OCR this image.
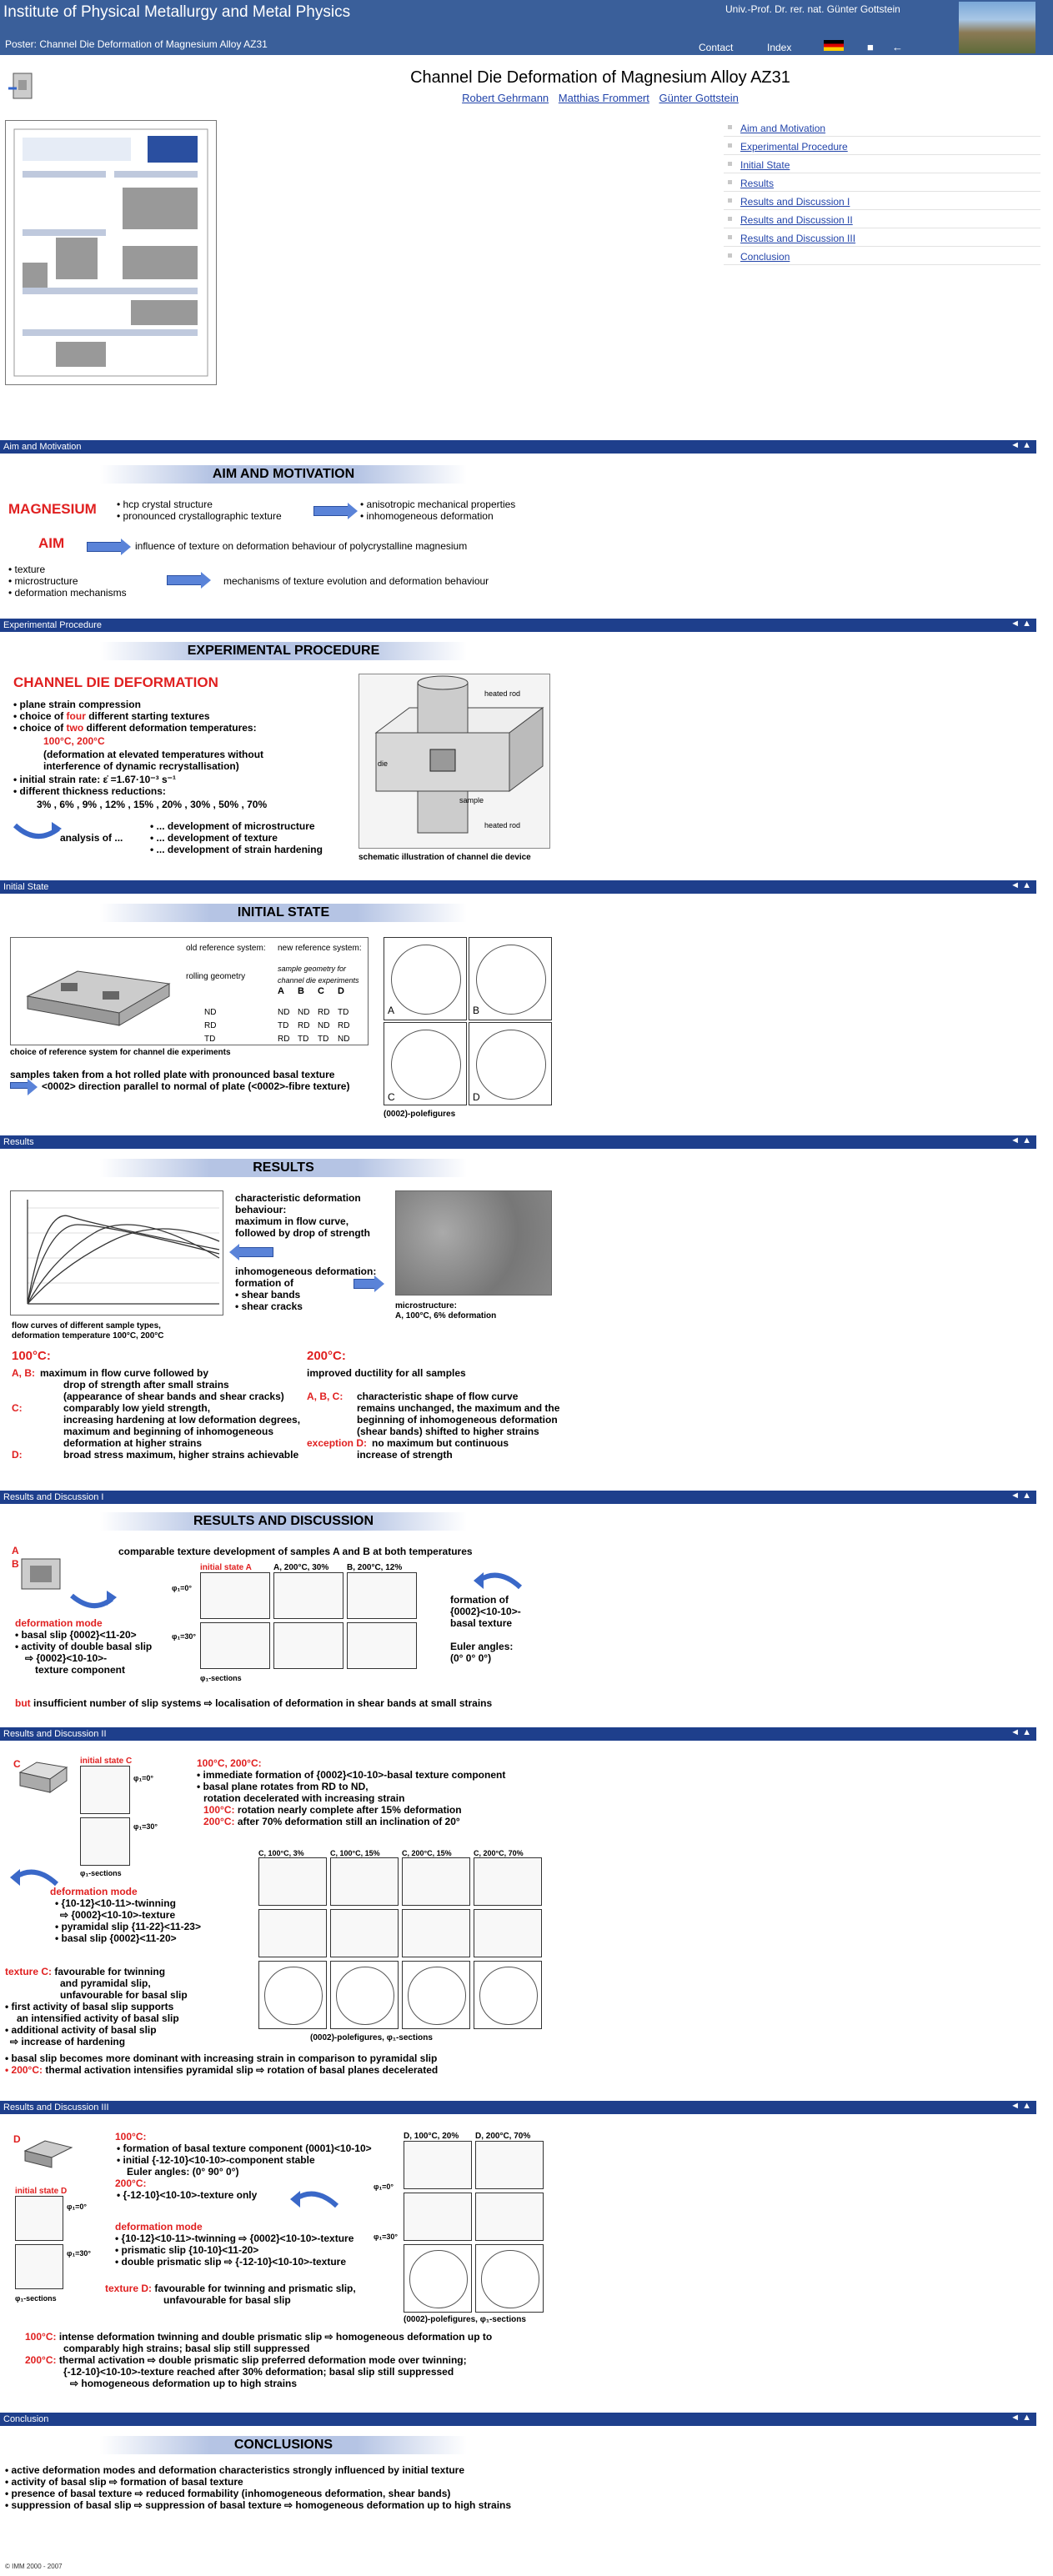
Institute of Physical Metallurgy and Metal Physics
Poster: Channel Die Deformation of Magnesium Alloy AZ31
Univ.-Prof. Dr. rer. nat. Günter Gottstein
Contact	Index	■ ←
Channel Die Deformation of Magnesium Alloy AZ31
Robert Gehrmann Matthias Frommert Günter Gottstein
Aim and Motivation
Experimental Procedure
Initial State
Results
Results and Discussion I
Results and Discussion II
Results and Discussion III
Conclusion
Aim and Motivation	◄ ▲
AIM AND MOTIVATION
MAGNESIUM • hcp crystal structure
• pronounced crystallographic texture
• anisotropic mechanical properties
• inhomogeneous deformation
AIM	influence of texture on deformation behaviour of polycrystalline magnesium
• texture
• microstructure
• deformation mechanisms
mechanisms of texture evolution and deformation behaviour
Experimental Procedure	◄ ▲
EXPERIMENTAL PROCEDURE
CHANNEL DIE DEFORMATION
• plane strain compression
• choice of four different starting textures
• choice of two different deformation temperatures:
100°C, 200°C
(deformation at elevated temperatures without
interference of dynamic recrystallisation)
• initial strain rate: ε̇ =1.67·10⁻³ s⁻¹
• different thickness reductions:
3% , 6% , 9% , 12% , 15% , 20% , 30% , 50% , 70%
analysis of ...
• ... development of microstructure
• ... development of texture
• ... development of strain hardening
heated rod
heated rod
die
sample
schematic illustration of channel die device
Initial State	◄ ▲
INITIAL STATE
old reference system:
rolling geometry
new reference system:
sample geometry for channel die experiments
A B C D
ND	ND ND RD TD
RD	TD RD ND RD
TD	RD TD TD ND
choice of reference system for channel die experiments
samples taken from a hot rolled plate with pronounced basal texture
<0002> direction parallel to normal of plate (<0002>-fibre texture)
A	B
C	D
(0002)-polefigures
Results	◄ ▲
RESULTS
flow curves of different sample types,
deformation temperature 100°C, 200°C
characteristic deformation
behaviour:
maximum in flow curve,
followed by drop of strength
inhomogeneous deformation:
formation of
• shear bands
• shear cracks	microstructure:
A, 100°C, 6% deformation
100°C:	200°C:
A, B: maximum in flow curve followed by
drop of strength after small strains
(appearance of shear bands and shear cracks)
C:	comparably low yield strength,
increasing hardening at low deformation degrees,
maximum and beginning of inhomogeneous
deformation at higher strains
D:	broad stress maximum, higher strains achievable
improved ductility for all samples
A, B, C: characteristic shape of flow curve
remains unchanged, the maximum and the
beginning of inhomogeneous deformation
(shear bands) shifted to higher strains
exception D: no maximum but continuous
increase of strength
Results and Discussion I	◄ ▲
RESULTS AND DISCUSSION
A
B
comparable texture development of samples A and B at both temperatures
deformation mode
• basal slip {0002}<11-20>
• activity of double basal slip
⇨ {0002}<10-10>-
texture component
initial state A	A, 200°C, 30% B, 200°C, 12%
φ₁=0°
φ₁=30°
φ₁-sections
formation of
{0002}<10-10>-
basal texture
Euler angles:
(0° 0° 0°)
but insufficient number of slip systems ⇨ localisation of deformation in shear bands at small strains
Results and Discussion II	◄ ▲
C	initial state C
φ₁=0°
φ₁=30°
φ₁-sections
100°C, 200°C:
• immediate formation of {0002}<10-10>-basal texture component
• basal plane rotates from RD to ND,
rotation decelerated with increasing strain
100°C: rotation nearly complete after 15% deformation
200°C: after 70% deformation still an inclination of 20°
deformation mode
• {10-12}<10-11>-twinning
⇨ {0002}<10-10>-texture
• pyramidal slip {11-22}<11-23>
• basal slip {0002}<11-20>
C, 100°C, 3%	C, 100°C, 15%	C, 200°C, 15%	C, 200°C, 70%
(0002)-polefigures, φ₁-sections
texture C: favourable for twinning
and pyramidal slip,
unfavourable for basal slip
• first activity of basal slip supports
an intensified activity of basal slip
• additional activity of basal slip
⇨ increase of hardening
• basal slip becomes more dominant with increasing strain in comparison to pyramidal slip
• 200°C: thermal activation intensifies pyramidal slip ⇨ rotation of basal planes decelerated
Results and Discussion III	◄ ▲
D
initial state D
φ₁=0°
φ₁=30°
φ₁-sections
100°C:
• formation of basal texture component (0001)<10-10>
• initial {-12-10}<10-10>-component stable
Euler angles: (0° 90° 0°)
200°C:
• {-12-10}<10-10>-texture only
deformation mode
• {10-12}<10-11>-twinning ⇨ {0002}<10-10>-texture
• prismatic slip {10-10}<11-20>
• double prismatic slip ⇨ {-12-10}<10-10>-texture
texture D: favourable for twinning and prismatic slip,
unfavourable for basal slip
D, 100°C, 20% D, 200°C, 70%
φ₁=0°
φ₁=30°
(0002)-polefigures, φ₁-sections
100°C: intense deformation twinning and double prismatic slip ⇨ homogeneous deformation up to
comparably high strains; basal slip still suppressed
200°C: thermal activation ⇨ double prismatic slip preferred deformation mode over twinning;
{-12-10}<10-10>-texture reached after 30% deformation; basal slip still suppressed
⇨ homogeneous deformation up to high strains
Conclusion	◄ ▲
CONCLUSIONS
• active deformation modes and deformation characteristics strongly influenced by initial texture
• activity of basal slip ⇨ formation of basal texture
• presence of basal texture ⇨ reduced formability (inhomogeneous deformation, shear bands)
• suppression of basal slip ⇨ suppression of basal texture ⇨ homogeneous deformation up to high strains
© IMM 2000 - 2007
